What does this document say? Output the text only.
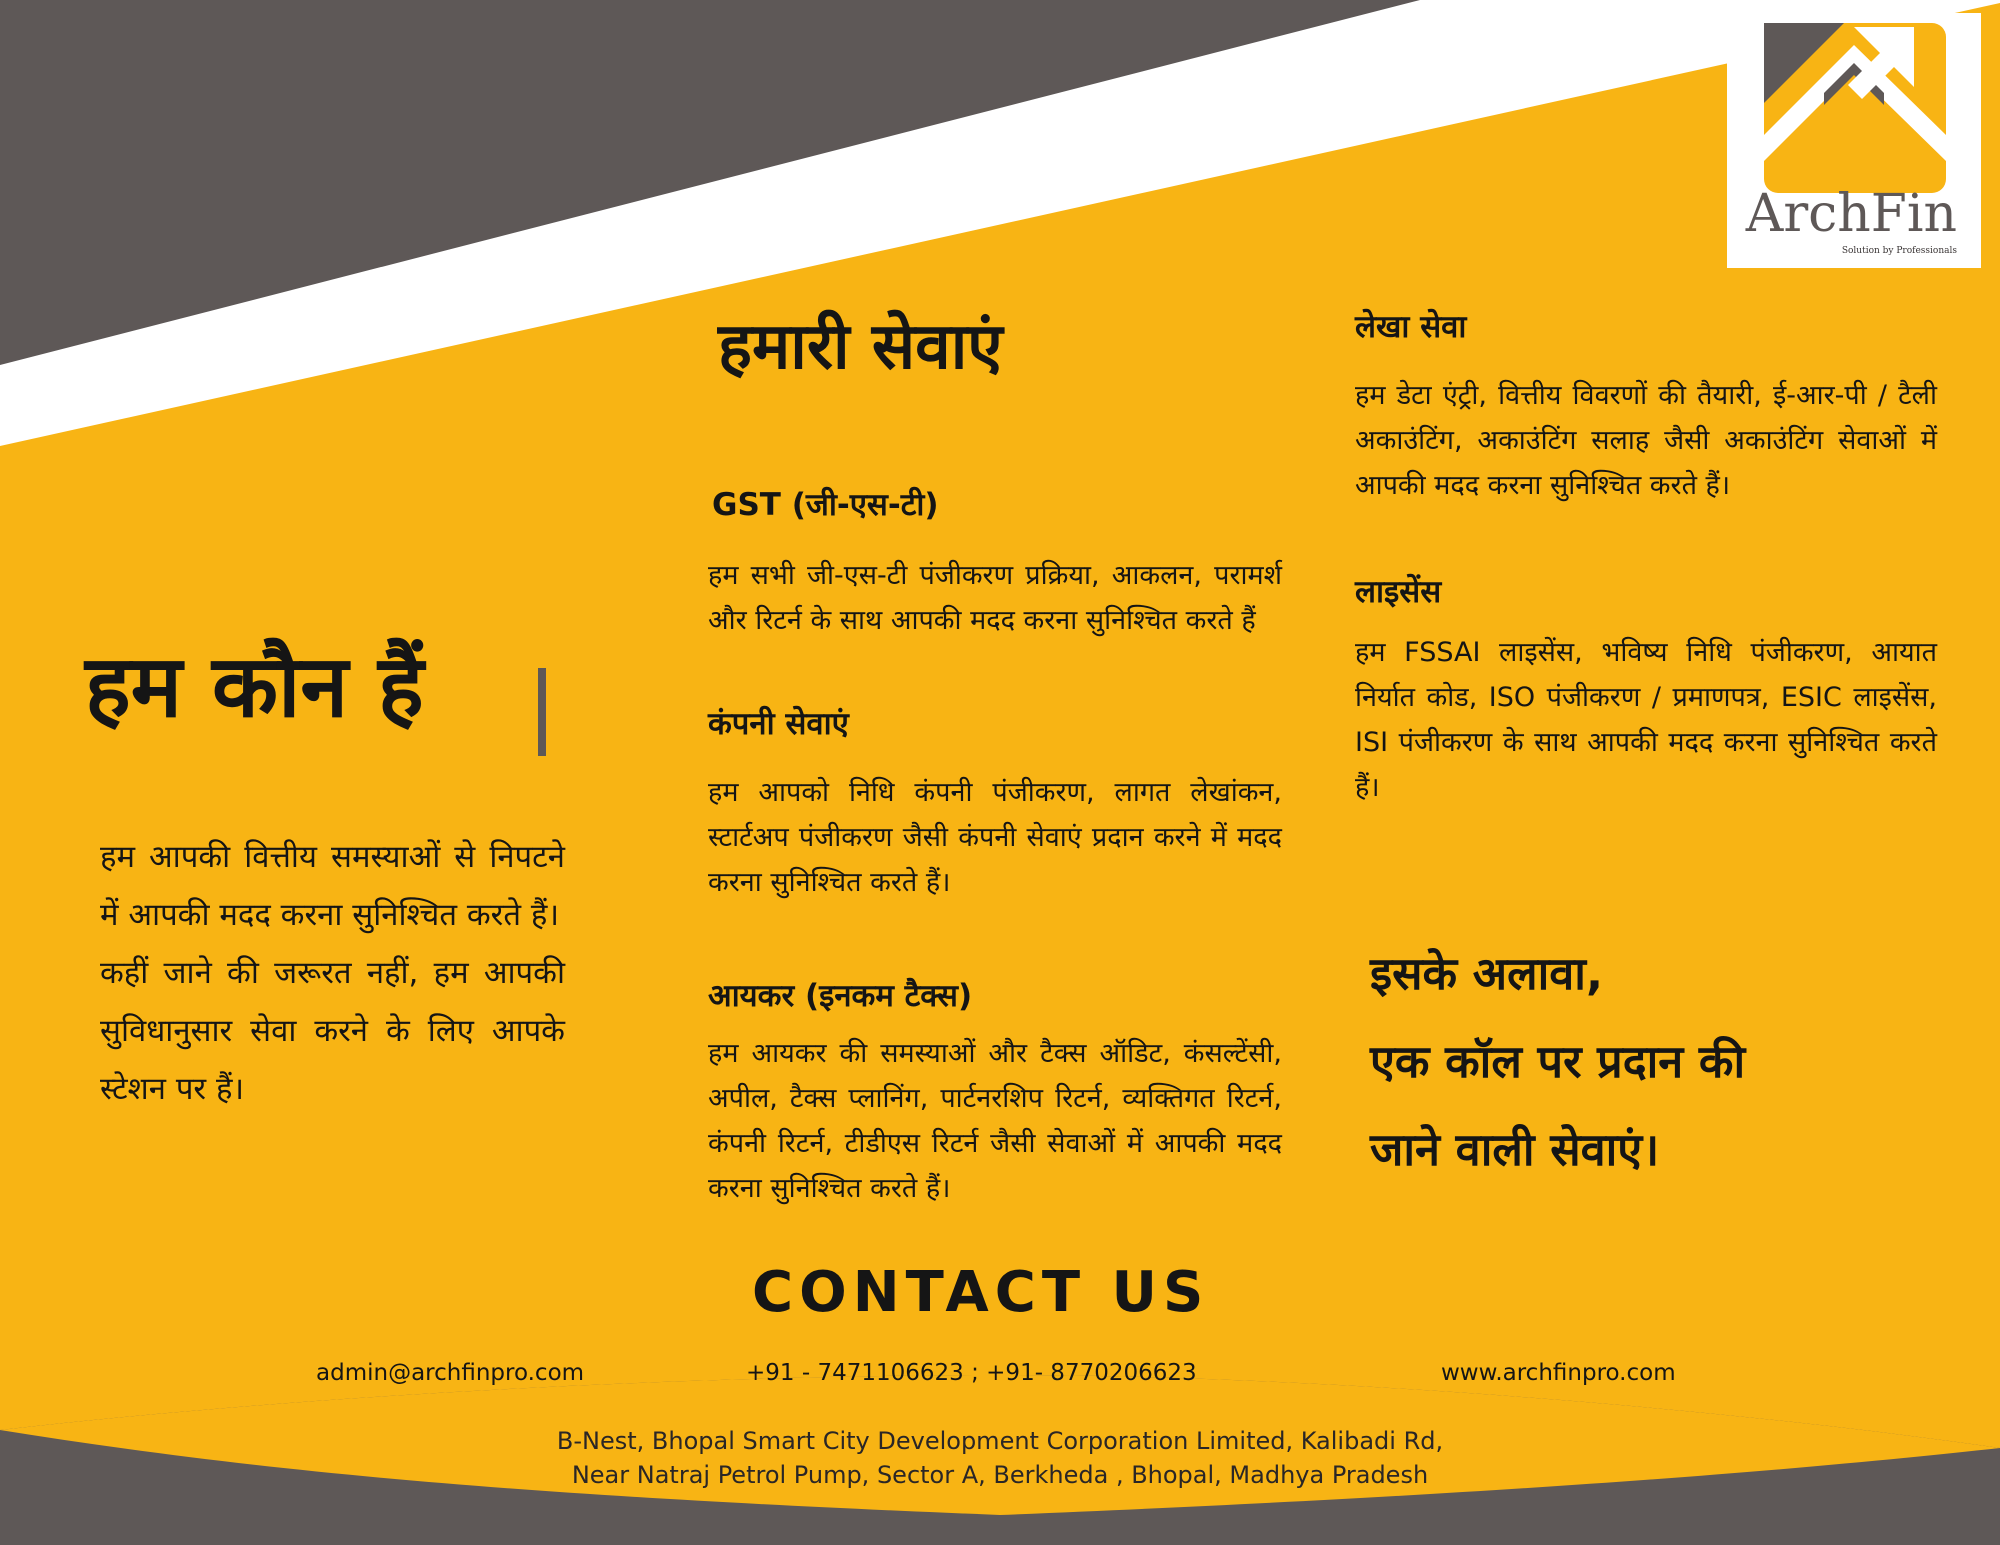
ArchFin
Solution by Professionals
हम कौन हैं

हम आपकी वित्तीय समस्याओं से निपटने में आपकी मदद करना सुनिश्चित करते हैं।

कहीं जाने की जरूरत नहीं, हम आपकी सुविधानुसार सेवा करने के लिए आपके स्टेशन पर हैं।

हमारी सेवाएं
GST (जी-एस-टी)
हम सभी जी-एस-टी पंजीकरण प्रक्रिया, आकलन, परामर्श और रिटर्न के साथ आपकी मदद करना सुनिश्चित करते हैं
कंपनी सेवाएं
हम आपको निधि कंपनी पंजीकरण, लागत लेखांकन, स्टार्टअप पंजीकरण जैसी कंपनी सेवाएं प्रदान करने में मदद करना सुनिश्चित करते हैं।
आयकर (इनकम टैक्स)
हम आयकर की समस्याओं और टैक्स ऑडिट, कंसल्टेंसी, अपील, टैक्स प्लानिंग, पार्टनरशिप रिटर्न, व्यक्तिगत रिटर्न, कंपनी रिटर्न, टीडीएस रिटर्न जैसी सेवाओं में आपकी मदद करना सुनिश्चित करते हैं।
लेखा सेवा
हम डेटा एंट्री, वित्तीय विवरणों की तैयारी, ई-आर-पी / टैली अकाउंटिंग, अकाउंटिंग सलाह जैसी अकाउंटिंग सेवाओं में आपकी मदद करना सुनिश्चित करते हैं।
लाइसेंस
हम FSSAI लाइसेंस, भविष्य निधि पंजीकरण, आयात निर्यात कोड, ISO पंजीकरण / प्रमाणपत्र, ESIC लाइसेंस, ISI पंजीकरण के साथ आपकी मदद करना सुनिश्चित करते हैं।
इसके अलावा,
एक कॉल पर प्रदान की
जाने वाली सेवाएं।
CONTACT US
admin@archfinpro.com	+91 - 7471106623 ; +91- 8770206623	www.archfinpro.com
B-Nest, Bhopal Smart City Development Corporation Limited, Kalibadi Rd,
Near Natraj Petrol Pump, Sector A, Berkheda , Bhopal, Madhya Pradesh
